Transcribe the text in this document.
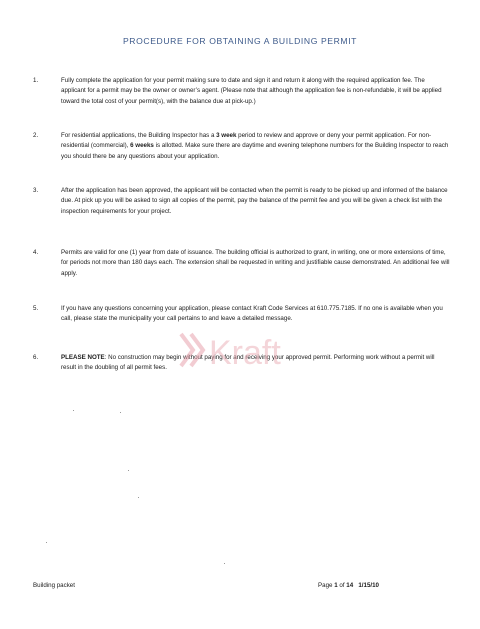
PROCEDURE FOR OBTAINING A BUILDING PERMIT
1.	Fully complete the application for your permit making sure to date and sign it and return it along with the required application fee. The applicant for a permit may be the owner or owner’s agent. (Please note that although the application fee is non-refundable, it will be applied toward the total cost of your permit(s), with the balance due at pick-up.)
2.	For residential applications, the Building Inspector has a 3 week period to review and approve or deny your permit application. For non-residential (commercial), 6 weeks is allotted. Make sure there are daytime and evening telephone numbers for the Building Inspector to reach you should there be any questions about your application.
3.	After the application has been approved, the applicant will be contacted when the permit is ready to be picked up and informed of the balance due. At pick up you will be asked to sign all copies of the permit, pay the balance of the permit fee and you will be given a check list with the inspection requirements for your project.
4.	Permits are valid for one (1) year from date of issuance. The building official is authorized to grant, in writing, one or more extensions of time, for periods not more than 180 days each. The extension shall be requested in writing and justifiable cause demonstrated. An additional fee will apply.
5.	If you have any questions concerning your application, please contact Kraft Code Services at 610.775.7185. If no one is available when you call, please state the municipality your call pertains to and leave a detailed message.
6.	PLEASE NOTE: No construction may begin without paying for and receiving your approved permit. Performing work without a permit will result in the doubling of all permit fees.	Kraft
Building packet	Page 1 of 14 1/15/10
